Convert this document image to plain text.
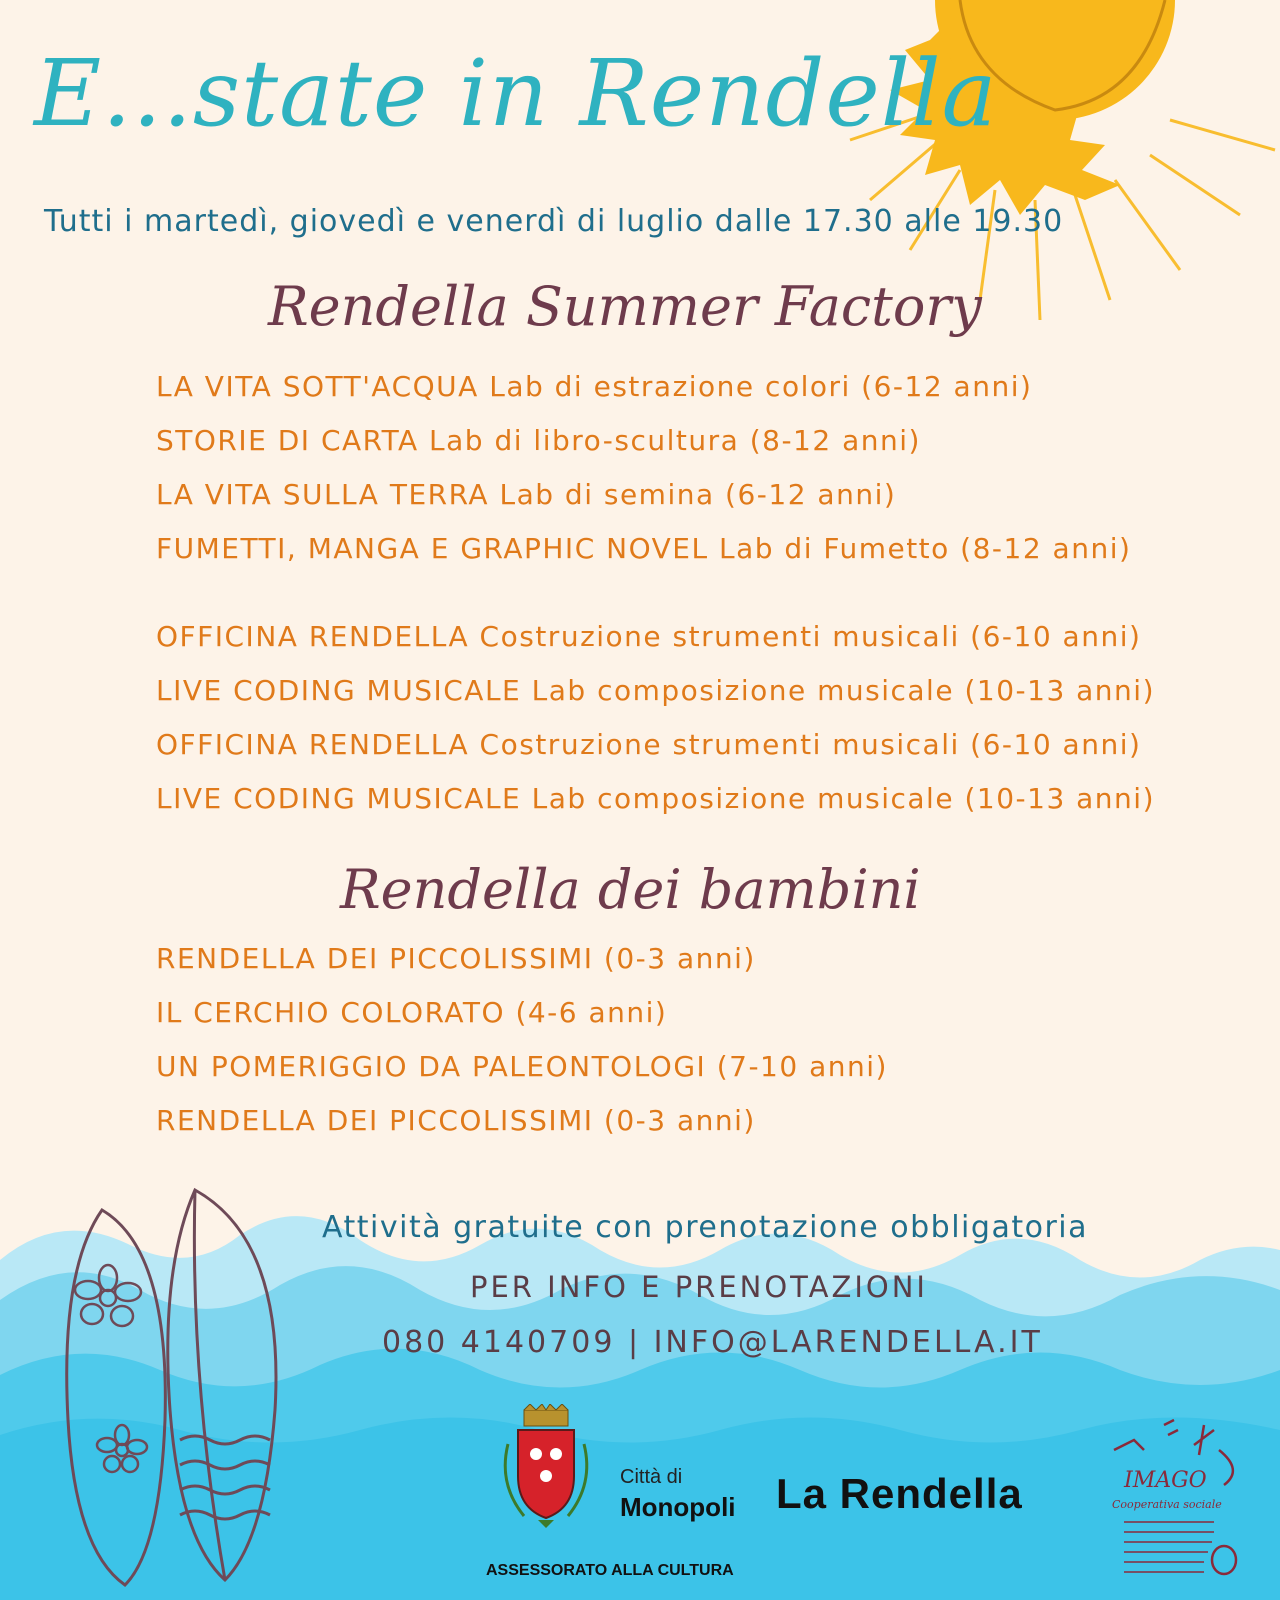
E...state in Rendella
Tutti i martedì, giovedì e venerdì di luglio dalle 17.30 alle 19.30
Rendella Summer Factory
LA VITA SOTT'ACQUA Lab di estrazione colori (6-12 anni)
STORIE DI CARTA Lab di libro-scultura (8-12 anni)
LA VITA SULLA TERRA Lab di semina (6-12 anni)
FUMETTI, MANGA E GRAPHIC NOVEL Lab di Fumetto (8-12 anni)
OFFICINA RENDELLA Costruzione strumenti musicali (6-10 anni)
LIVE CODING MUSICALE Lab composizione musicale (10-13 anni)
OFFICINA RENDELLA Costruzione strumenti musicali (6-10 anni)
LIVE CODING MUSICALE Lab composizione musicale (10-13 anni)
Rendella dei bambini
RENDELLA DEI PICCOLISSIMI (0-3 anni)
IL CERCHIO COLORATO (4-6 anni)
UN POMERIGGIO DA PALEONTOLOGI (7-10 anni)
RENDELLA DEI PICCOLISSIMI (0-3 anni)
Attività gratuite con prenotazione obbligatoria
PER INFO E PRENOTAZIONI
080 4140709 | INFO@LARENDELLA.IT
Città di
Monopoli
ASSESSORATO ALLA CULTURA
La Rendella	IMAGO
Cooperativa sociale
